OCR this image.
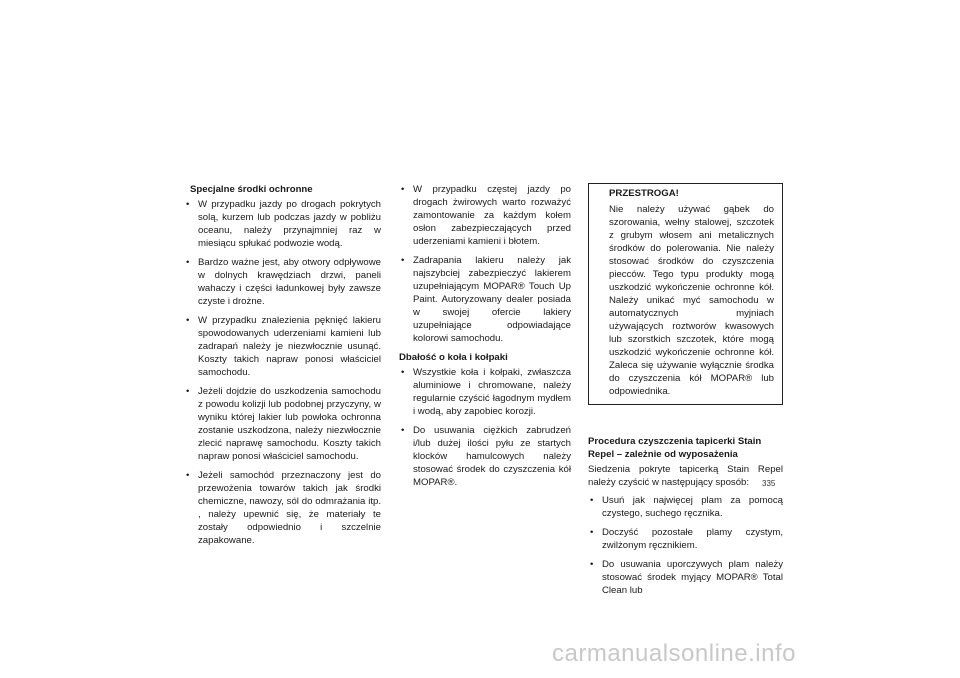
Specjalne środki ochronne
• W przypadku jazdy po drogach pokrytych solą, kurzem lub podczas jazdy w pobliżu oceanu, należy przynajmniej raz w miesiącu spłukać podwozie wodą.
• Bardzo ważne jest, aby otwory odpływowe w dolnych krawędziach drzwi, paneli wahaczy i części ładunkowej były zawsze czyste i drożne.
• W przypadku znalezienia pęknięć lakieru spowodowanych uderzeniami kamieni lub zadrapań należy je niezwłocznie usunąć. Koszty takich napraw ponosi właściciel samochodu.
• Jeżeli dojdzie do uszkodzenia samochodu z powodu kolizji lub podobnej przyczyny, w wyniku której lakier lub powłoka ochronna zostanie uszkodzona, należy niezwłocznie zlecić naprawę samochodu. Koszty takich napraw ponosi właściciel samochodu.
• Jeżeli samochód przeznaczony jest do przewożenia towarów takich jak środki chemiczne, nawozy, sól do odmrażania itp. , należy upewnić się, że materiały te zostały odpowiednio i szczelnie zapakowane.
• W przypadku częstej jazdy po drogach żwirowych warto rozważyć zamontowanie za każdym kołem osłon zabezpieczających przed uderzeniami kamieni i błotem.
• Zadrapania lakieru należy jak najszybciej zabezpieczyć lakierem uzupełniającym MOPAR® Touch Up Paint. Autoryzowany dealer posiada w swojej ofercie lakiery uzupełniające odpowiadające kolorowi samochodu.
Dbałość o koła i kołpaki
• Wszystkie koła i kołpaki, zwłaszcza aluminiowe i chromowane, należy regularnie czyścić łagodnym mydłem i wodą, aby zapobiec korozji.
• Do usuwania ciężkich zabrudzeń i/lub dużej ilości pyłu ze startych klocków hamulcowych należy stosować środek do czyszczenia kół MOPAR®.
PRZESTROGA!
Nie należy używać gąbek do szorowania, wełny stalowej, szczotek z grubym włosem ani metalicznych środków do polerowania. Nie należy stosować środków do czyszczenia piecców. Tego typu produkty mogą uszkodzić wykończenie ochronne kół. Należy unikać myć samochodu w automatycznych myjniach używających roztworów kwasowych lub szorstkich szczotek, które mogą uszkodzić wykończenie ochronne kół. Zaleca się używanie wyłącznie środka do czyszczenia kół MOPAR® lub odpowiednika.
Procedura czyszczenia tapicerki Stain Repel – zależnie od wyposażenia
Siedzenia pokryte tapicerką Stain Repel należy czyścić w następujący sposób:
• Usuń jak najwięcej plam za pomocą czystego, suchego ręcznika.
• Doczyść pozostałe plamy czystym, zwilżonym ręcznikiem.
• Do usuwania uporczywych plam należy stosować środek myjący MOPAR® Total Clean lub
335
carmanualsonline.info
